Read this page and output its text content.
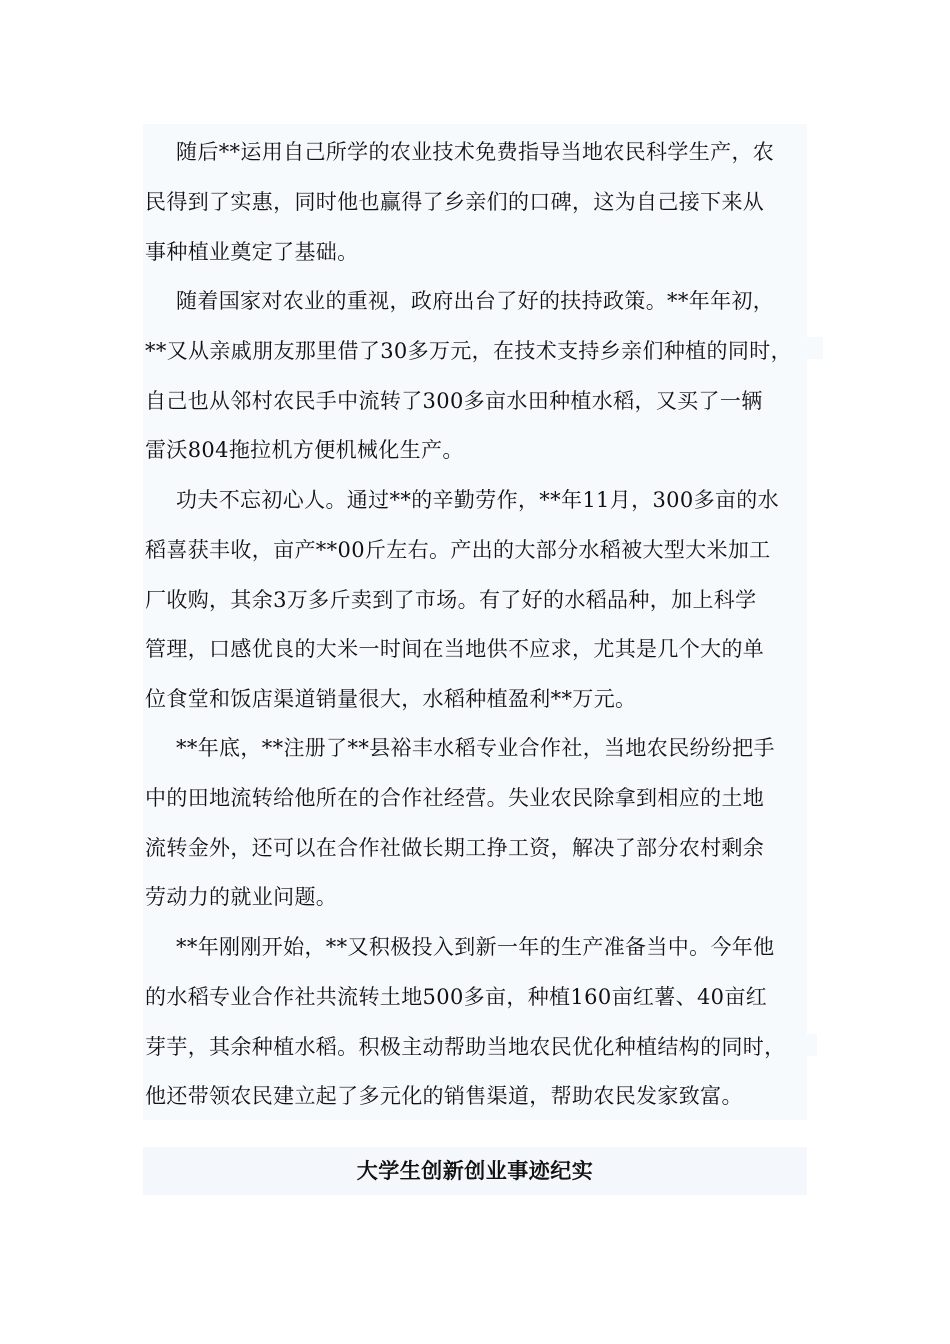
随后**运用自己所学的农业技术免费指导当地农民科学生产，农
民得到了实惠，同时他也赢得了乡亲们的口碑，这为自己接下来从
事种植业奠定了基础。

随着国家对农业的重视，政府出台了好的扶持政策。**年年初，
**又从亲戚朋友那里借了30多万元，在技术支持乡亲们种植的同时，
自己也从邻村农民手中流转了300多亩水田种植水稻，又买了一辆
雷沃804拖拉机方便机械化生产。

功夫不忘初心人。通过**的辛勤劳作，**年11月，300多亩的水
稻喜获丰收，亩产**00斤左右。产出的大部分水稻被大型大米加工
厂收购，其余3万多斤卖到了市场。有了好的水稻品种，加上科学
管理，口感优良的大米一时间在当地供不应求，尤其是几个大的单
位食堂和饭店渠道销量很大，水稻种植盈利**万元。

**年底，**注册了**县裕丰水稻专业合作社，当地农民纷纷把手
中的田地流转给他所在的合作社经营。失业农民除拿到相应的土地
流转金外，还可以在合作社做长期工挣工资，解决了部分农村剩余
劳动力的就业问题。

**年刚刚开始，**又积极投入到新一年的生产准备当中。今年他
的水稻专业合作社共流转土地500多亩，种植160亩红薯、40亩红
芽芋，其余种植水稻。积极主动帮助当地农民优化种植结构的同时，
他还带领农民建立起了多元化的销售渠道，帮助农民发家致富。

大学生创新创业事迹纪实
